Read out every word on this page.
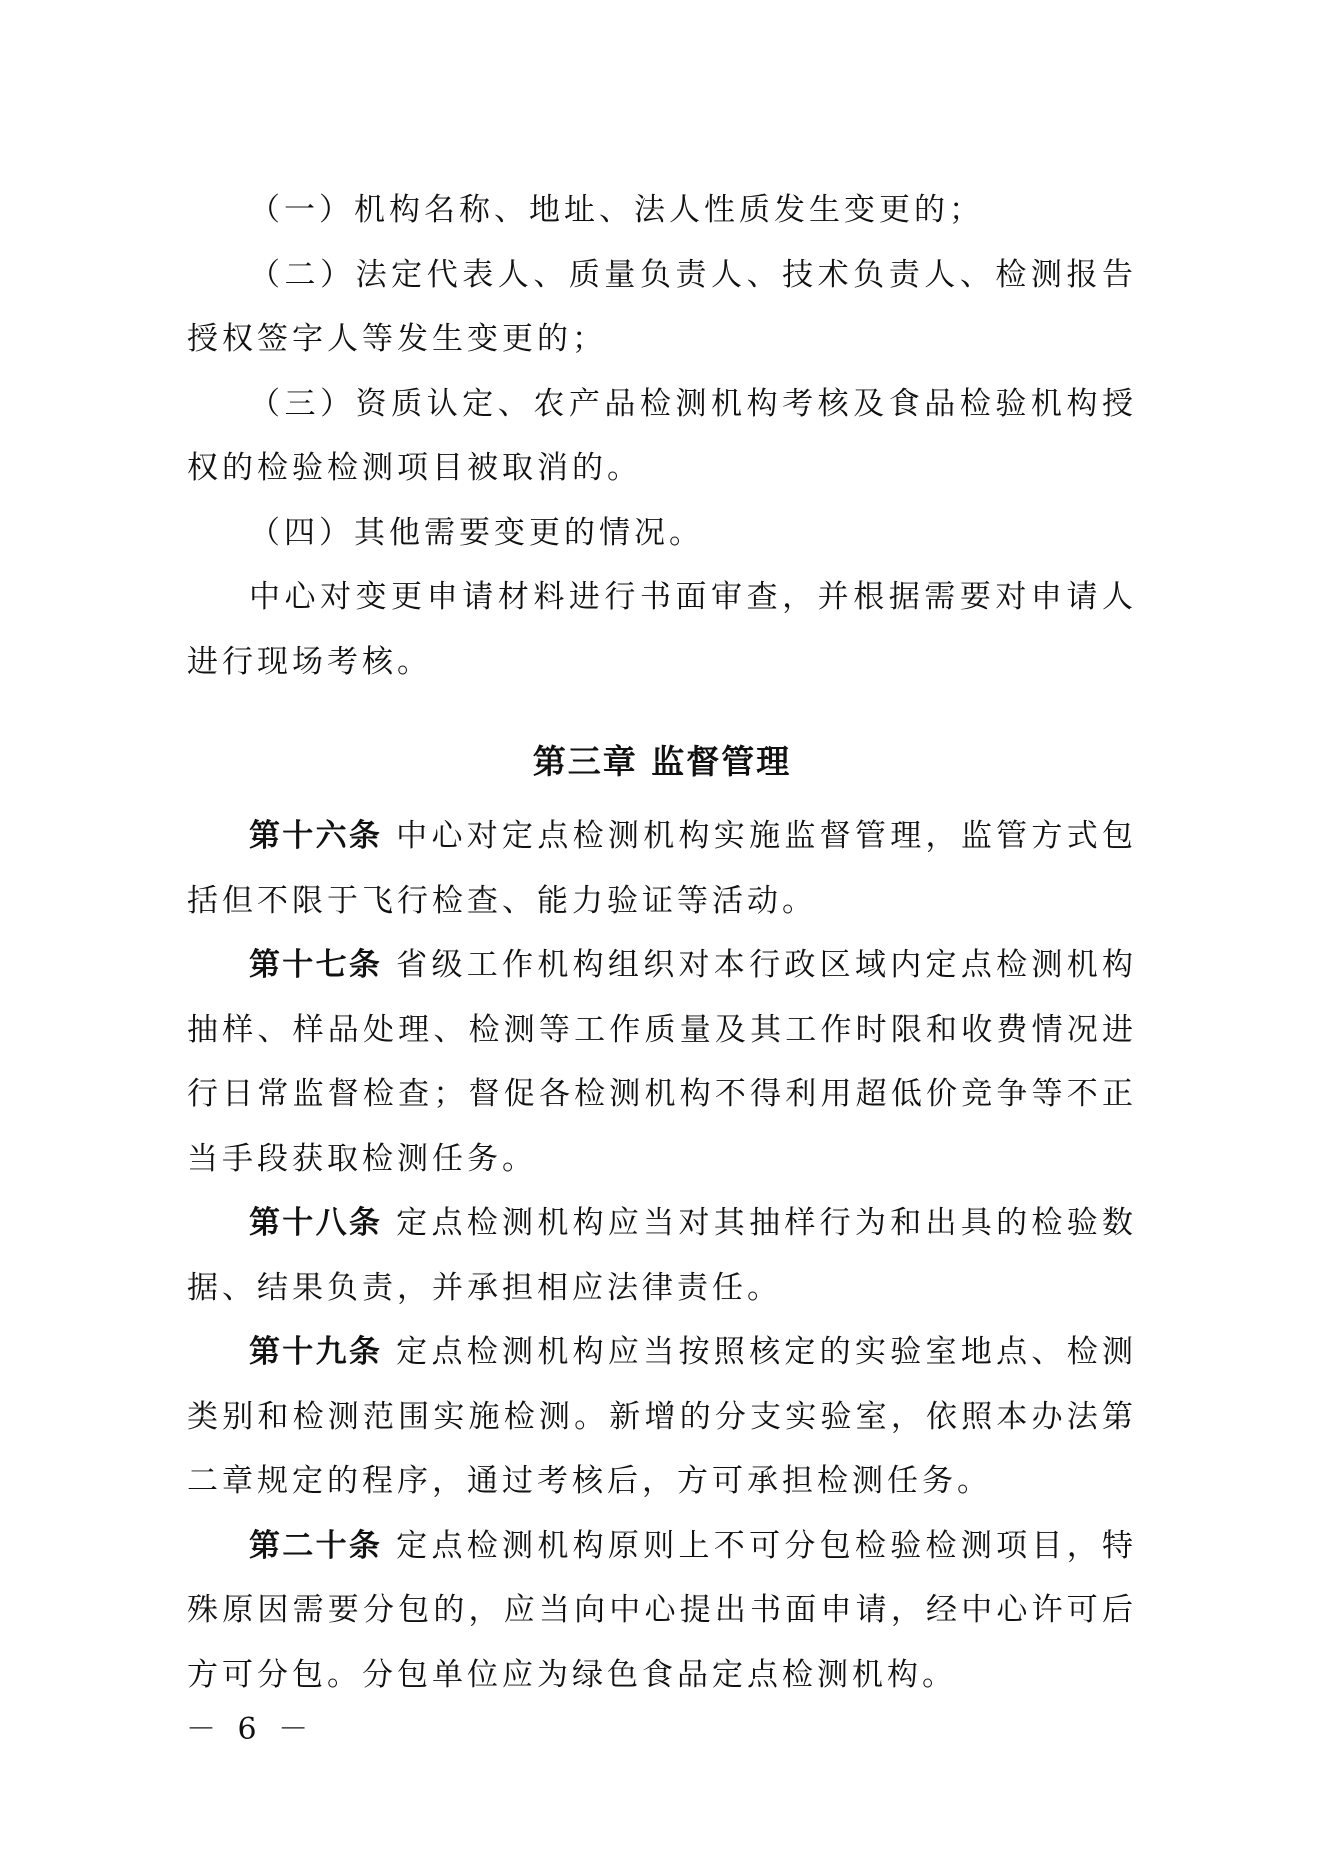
（一）机构名称、地址、法人性质发生变更的；

（二）法定代表人、质量负责人、技术负责人、检测报告授权签字人等发生变更的；

（三）资质认定、农产品检测机构考核及食品检验机构授权的检验检测项目被取消的。

（四）其他需要变更的情况。

中心对变更申请材料进行书面审查，并根据需要对申请人进行现场考核。

第三章 监督管理

第十六条 中心对定点检测机构实施监督管理，监管方式包括但不限于飞行检查、能力验证等活动。

第十七条 省级工作机构组织对本行政区域内定点检测机构抽样、样品处理、检测等工作质量及其工作时限和收费情况进行日常监督检查；督促各检测机构不得利用超低价竞争等不正当手段获取检测任务。

第十八条 定点检测机构应当对其抽样行为和出具的检验数据、结果负责，并承担相应法律责任。

第十九条 定点检测机构应当按照核定的实验室地点、检测类别和检测范围实施检测。新增的分支实验室，依照本办法第二章规定的程序，通过考核后，方可承担检测任务。

第二十条 定点检测机构原则上不可分包检验检测项目，特殊原因需要分包的，应当向中心提出书面申请，经中心许可后方可分包。分包单位应为绿色食品定点检测机构。

－ 6 －
